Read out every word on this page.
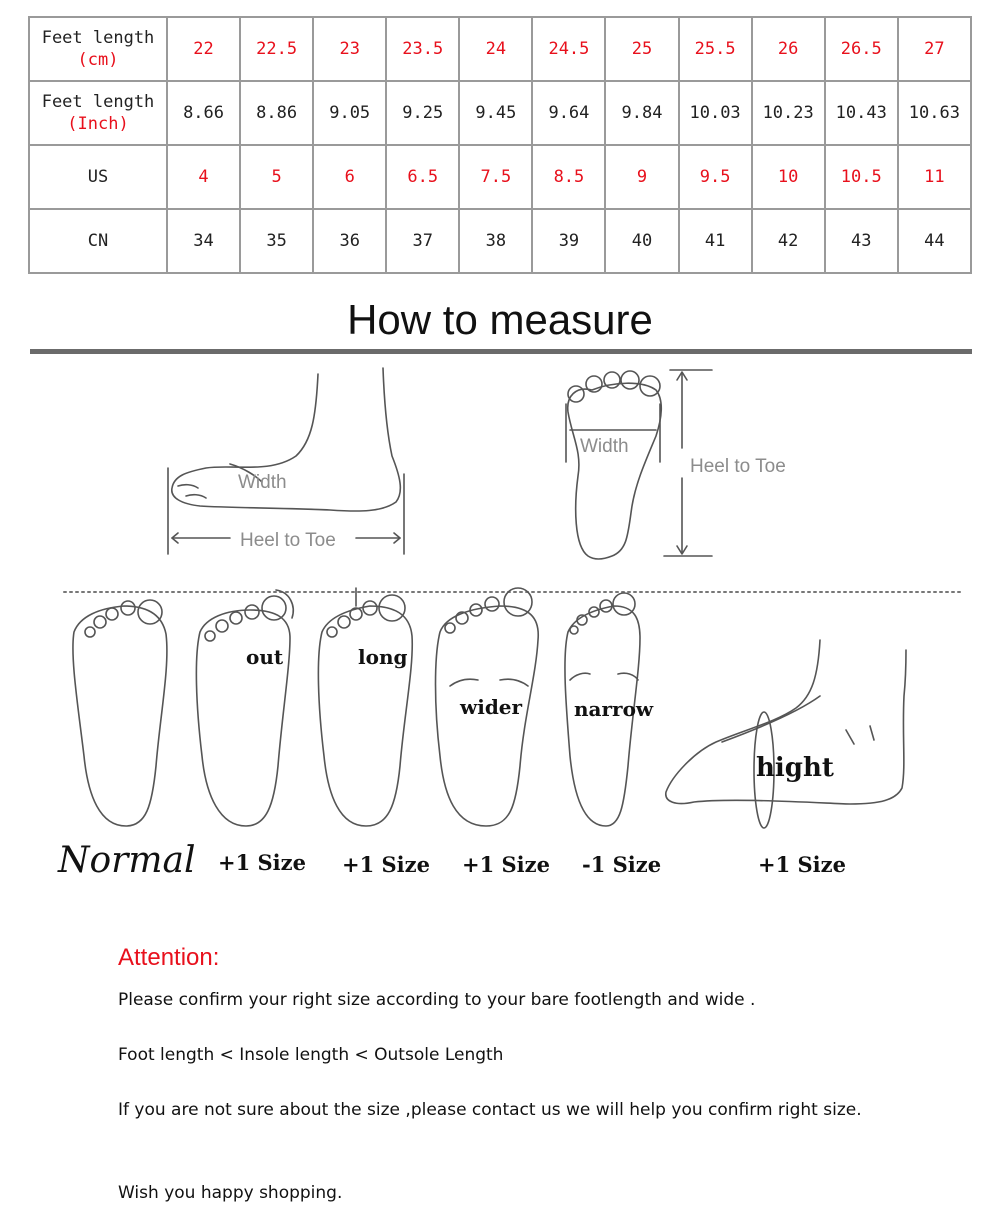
Feet length
(cm)	22	22.5	23	23.5	24	24.5	25	25.5	26	26.5	27

Feet length
(Inch)	8.66	8.86	9.05	9.25	9.45	9.64	9.84	10.03	10.23	10.43	10.63

US	4	5	6	6.5	7.5	8.5	9	9.5	10	10.5	11

CN	34	35	36	37	38	39	40	41	42	43	44
How to measure
Width
Heel to Toe
Width
Heel to Toe
out	long
wider	narrow
hight
Normal +1 Size +1 Size +1 Size -1 Size	+1 Size
Attention:
Please confirm your right size according to your bare footlength and wide .
Foot length < Insole length < Outsole Length
If you are not sure about the size ,please contact us we will help you confirm right size.
Wish you happy shopping.
